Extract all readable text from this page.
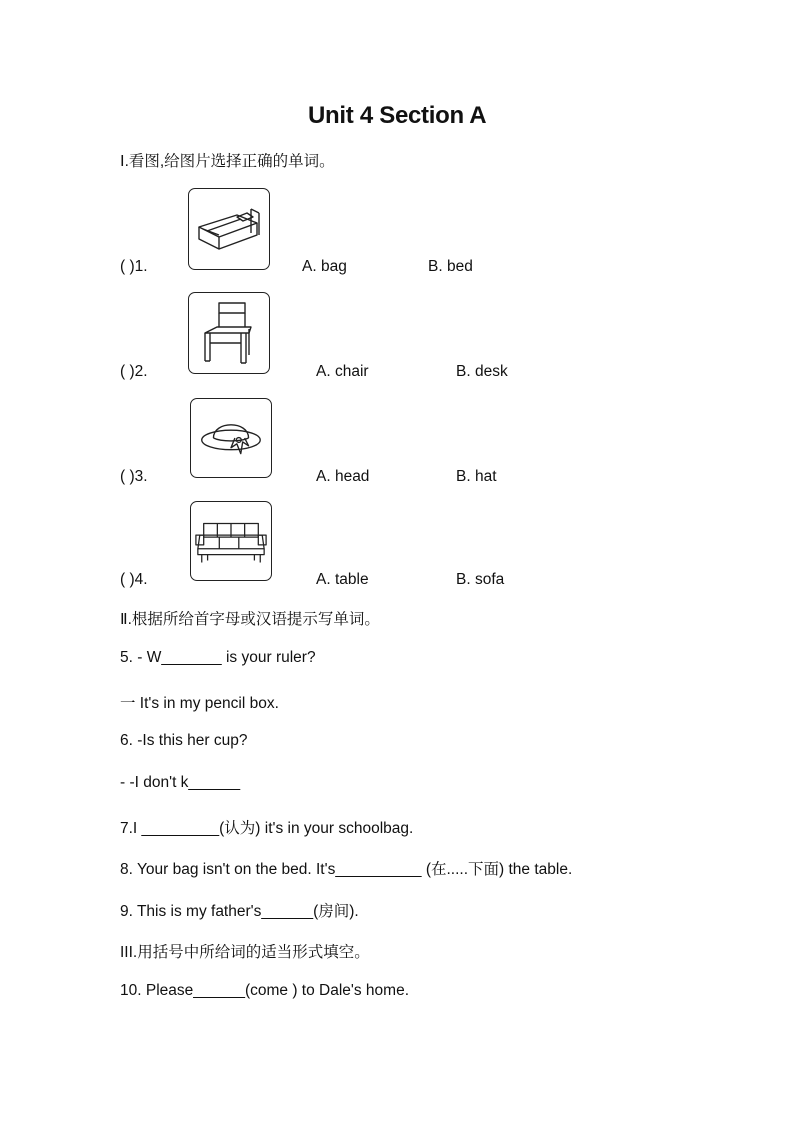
Unit 4 Section A
Ⅰ.看图,给图片选择正确的单词。
( )1.	A. bag	B. bed
( )2.	A. chair	B. desk
( )3.	A. head	B. hat
( )4.	A. table	B. sofa
Ⅱ.根据所给首字母或汉语提示写单词。
5. - W_______ is your ruler?
一 It's in my pencil box.
6. -Is this her cup?
- -I don't k______
7.I _________(认为) it's in your schoolbag.
8. Your bag isn't on the bed. It's__________ (在.....下面) the table.
9. This is my father's______(房间).
III.用括号中所给词的适当形式填空。
10. Please______(come ) to Dale's home.
